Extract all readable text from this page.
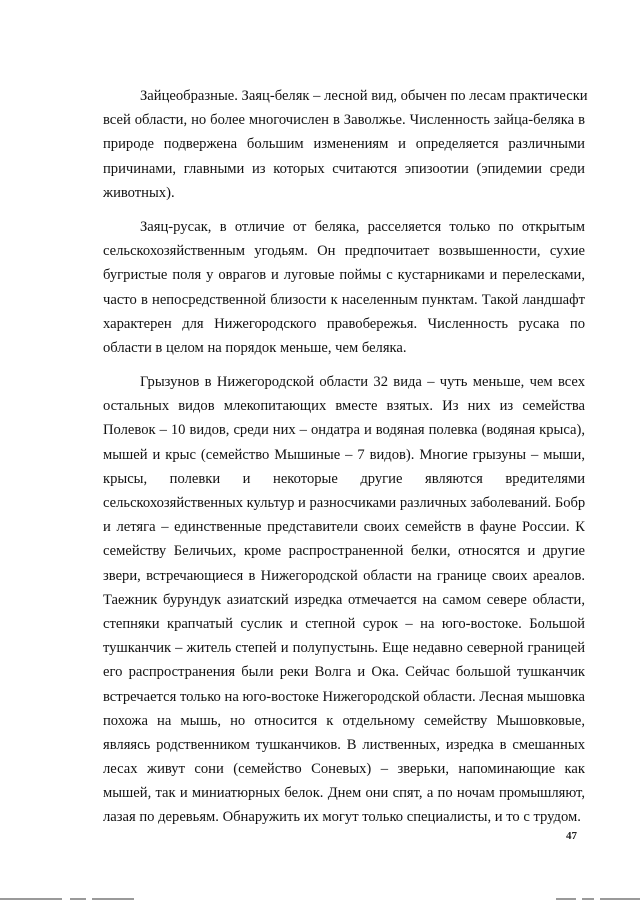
Зайцеобразные. Заяц-беляк – лесной вид, обычен по лесам практически
всей области, но более многочислен в Заволжье. Численность зайца-беляка в
природе подвержена большим изменениям и определяется различными
причинами, главными из которых считаются эпизоотии (эпидемии среди
животных).
Заяц-русак, в отличие от беляка, расселяется только по открытым
сельскохозяйственным угодьям. Он предпочитает возвышенности, сухие
бугристые поля у оврагов и луговые поймы с кустарниками и перелесками,
часто в непосредственной близости к населенным пунктам. Такой ландшафт
характерен для Нижегородского правобережья. Численность русака по
области в целом на порядок меньше, чем беляка.
Грызунов в Нижегородской области 32 вида – чуть меньше, чем всех
остальных видов млекопитающих вместе взятых. Из них из семейства
Полевок – 10 видов, среди них – ондатра и водяная полевка (водяная крыса),
мышей и крыс (семейство Мышиные – 7 видов). Многие грызуны – мыши,
крысы, полевки и некоторые другие являются вредителями
сельскохозяйственных культур и разносчиками различных заболеваний. Бобр
и летяга – единственные представители своих семейств в фауне России. К
семейству Беличьих, кроме распространенной белки, относятся и другие
звери, встречающиеся в Нижегородской области на границе своих ареалов.
Таежник бурундук азиатский изредка отмечается на самом севере области,
степняки крапчатый суслик и степной сурок – на юго-востоке. Большой
тушканчик – житель степей и полупустынь. Еще недавно северной границей
его распространения были реки Волга и Ока. Сейчас большой тушканчик
встречается только на юго-востоке Нижегородской области. Лесная мышовка
похожа на мышь, но относится к отдельному семейству Мышовковые,
являясь родственником тушканчиков. В лиственных, изредка в смешанных
лесах живут сони (семейство Соневых) – зверьки, напоминающие как
мышей, так и миниатюрных белок. Днем они спят, а по ночам промышляют,
лазая по деревьям. Обнаружить их могут только специалисты, и то с трудом.
47
